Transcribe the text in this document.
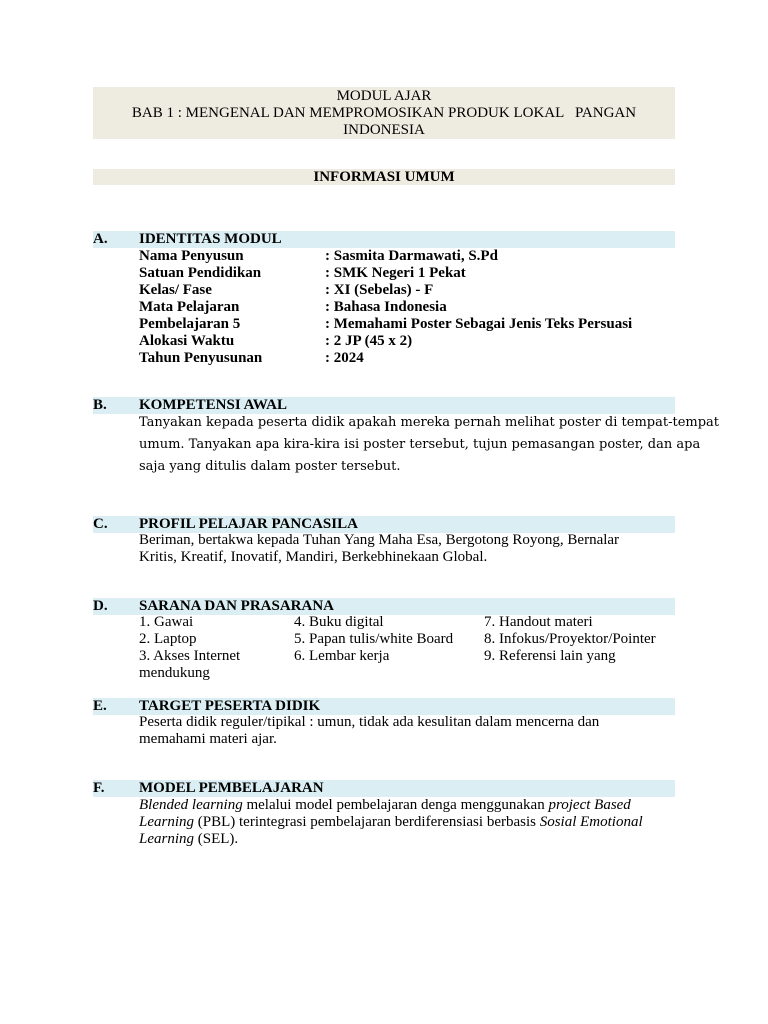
MODUL AJAR
BAB 1 : MENGENAL DAN MEMPROMOSIKAN PRODUK LOKAL   PANGAN
INDONESIA
INFORMASI UMUM
A. IDENTITAS MODUL
Nama Penyusun	: Sasmita Darmawati, S.Pd
Satuan Pendidikan	: SMK Negeri 1 Pekat
Kelas/ Fase	: XI (Sebelas) - F
Mata Pelajaran	: Bahasa Indonesia
Pembelajaran 5	: Memahami Poster Sebagai Jenis Teks Persuasi
Alokasi Waktu	: 2 JP (45 x 2)
Tahun Penyusunan	: 2024
B. KOMPETENSI AWAL
Tanyakan kepada peserta didik apakah mereka pernah melihat poster di tempat-tempat
umum. Tanyakan apa kira-kira isi poster tersebut, tujun pemasangan poster, dan apa
saja yang ditulis dalam poster tersebut.
C. PROFIL PELAJAR PANCASILA
Beriman, bertakwa kepada Tuhan Yang Maha Esa, Bergotong Royong, Bernalar
Kritis, Kreatif, Inovatif, Mandiri, Berkebhinekaan Global.
D. SARANA DAN PRASARANA
1. Gawai
2. Laptop
3. Akses Internet
mendukung
4. Buku digital
5. Papan tulis/white Board
6. Lembar kerja
7. Handout materi
8. Infokus/Proyektor/Pointer
9. Referensi lain yang
E. TARGET PESERTA DIDIK
Peserta didik reguler/tipikal : umun, tidak ada kesulitan dalam mencerna dan
memahami materi ajar.
F. MODEL PEMBELAJARAN
Blended learning melalui model pembelajaran denga menggunakan project Based
Learning (PBL) terintegrasi pembelajaran berdiferensiasi berbasis Sosial Emotional
Learning (SEL).
